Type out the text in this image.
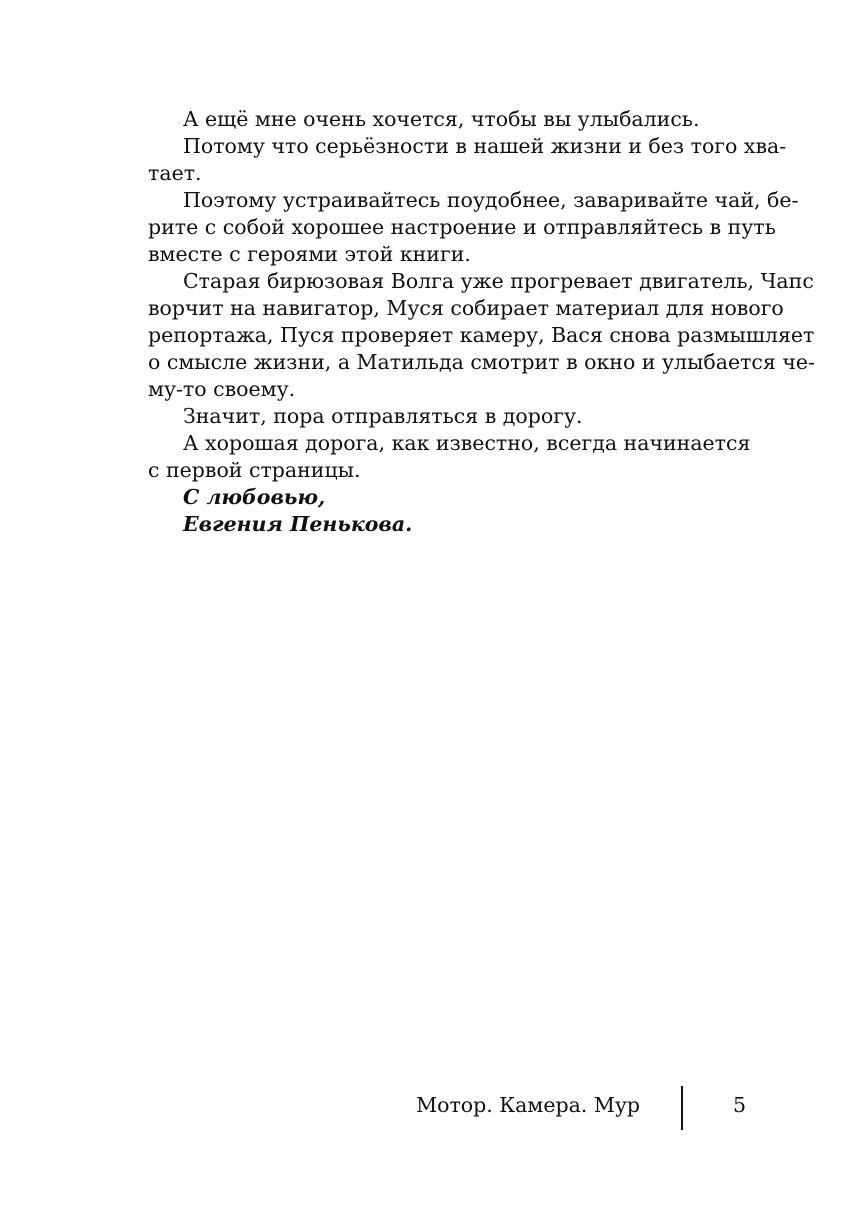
А ещё мне очень хочется, чтобы вы улыбались.
Потому что серьёзности в нашей жизни и без того хва-
тает.
Поэтому устраивайтесь поудобнее, заваривайте чай, бе-
рите с собой хорошее настроение и отправляйтесь в путь
вместе с героями этой книги.
Старая бирюзовая Волга уже прогревает двигатель, Чапс
ворчит на навигатор, Муся собирает материал для нового
репортажа, Пуся проверяет камеру, Вася снова размышляет
о смысле жизни, а Матильда смотрит в окно и улыбается че-
му-то своему.
Значит, пора отправляться в дорогу.
А хорошая дорога, как известно, всегда начинается
с первой страницы.
С любовью,
Евгения Пенькова.
Мотор. Камера. Мур	5
